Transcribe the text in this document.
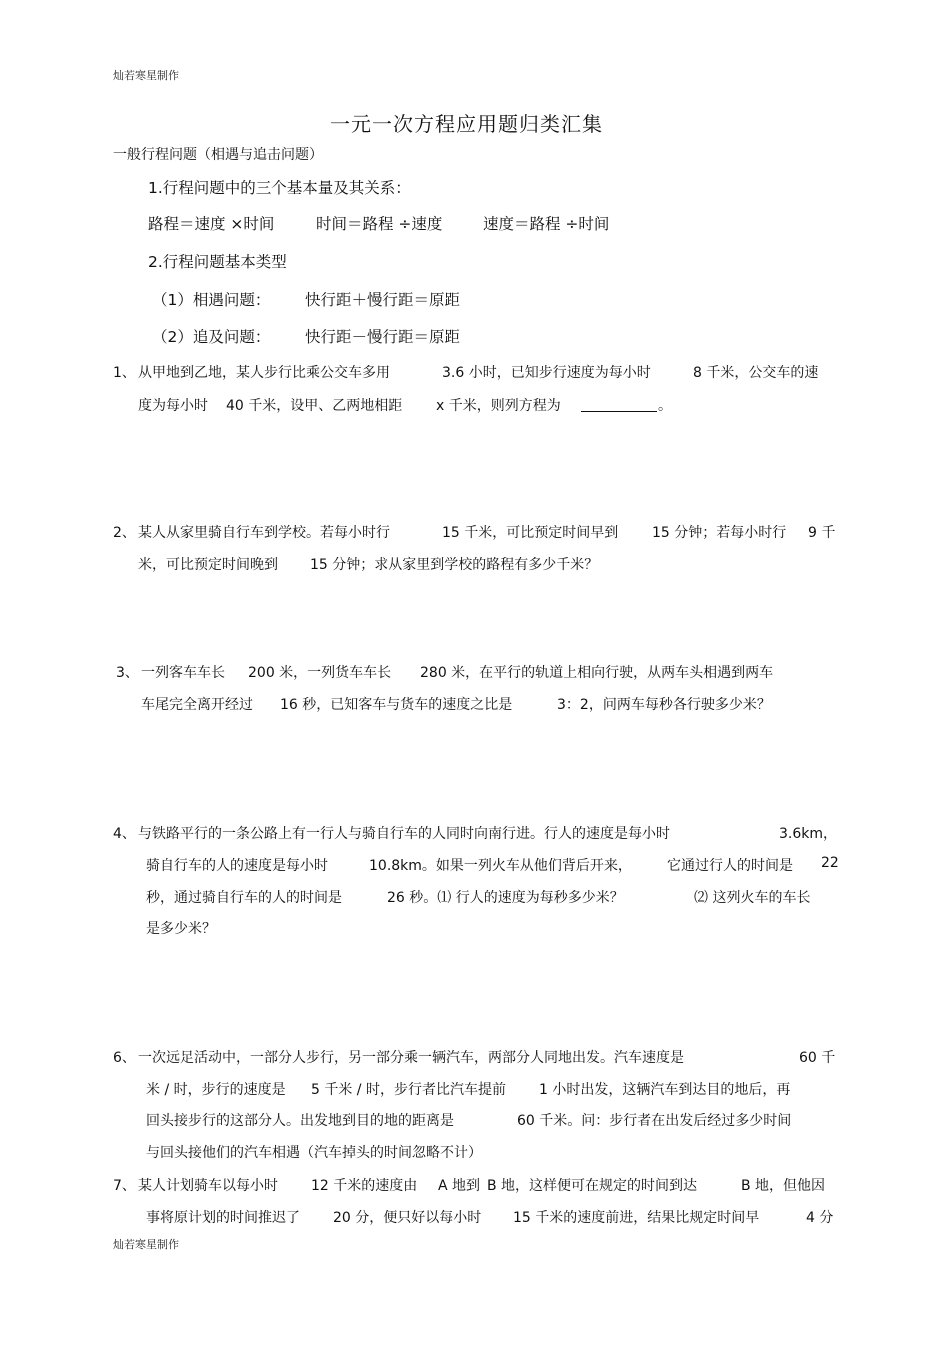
灿若寒星制作
一元一次方程应用题归类汇集
一般行程问题（相遇与追击问题）
1.行程问题中的三个基本量及其关系：
路程＝速度 ×时间	时间＝路程 ÷速度	速度＝路程 ÷时间
2.行程问题基本类型
（1）相遇问题： 快行距＋慢行距＝原距
（2）追及问题： 快行距－慢行距＝原距
1、 从甲地到乙地，某人步行比乘公交车多用	3.6 小时，已知步行速度为每小时	8 千米，公交车的速
度为每小时 40 千米，设甲、乙两地相距 x 千米，则列方程为	。
2、 某人从家里骑自行车到学校。若每小时行	15 千米，可比预定时间早到 15 分钟；若每小时行 9 千
米，可比预定时间晚到 15 分钟；求从家里到学校的路程有多少千米？
3、 一列客车车长 200 米，一列货车车长 280 米，在平行的轨道上相向行驶，从两车头相遇到两车
车尾完全离开经过 16 秒，已知客车与货车的速度之比是	3：2，问两车每秒各行驶多少米？
4、 与铁路平行的一条公路上有一行人与骑自行车的人同时向南行进。行人的速度是每小时	3.6km，
骑自行车的人的速度是每小时	10.8km。如果一列火车从他们背后开来，	它通过行人的时间是 22
秒，通过骑自行车的人的时间是	26 秒。⑴ 行人的速度为每秒多少米？	⑵ 这列火车的车长
是多少米？
6、 一次远足活动中，一部分人步行，另一部分乘一辆汽车，两部分人同地出发。汽车速度是	60 千
米 / 时，步行的速度是 5 千米 / 时，步行者比汽车提前 1 小时出发，这辆汽车到达目的地后，再
回头接步行的这部分人。出发地到目的地的距离是	60 千米。问：步行者在出发后经过多少时间
与回头接他们的汽车相遇（汽车掉头的时间忽略不计）
7、 某人计划骑车以每小时 12 千米的速度由 A 地到 B 地，这样便可在规定的时间到达	B 地，但他因
事将原计划的时间推迟了 20 分，便只好以每小时 15 千米的速度前进，结果比规定时间早	4 分
灿若寒星制作
